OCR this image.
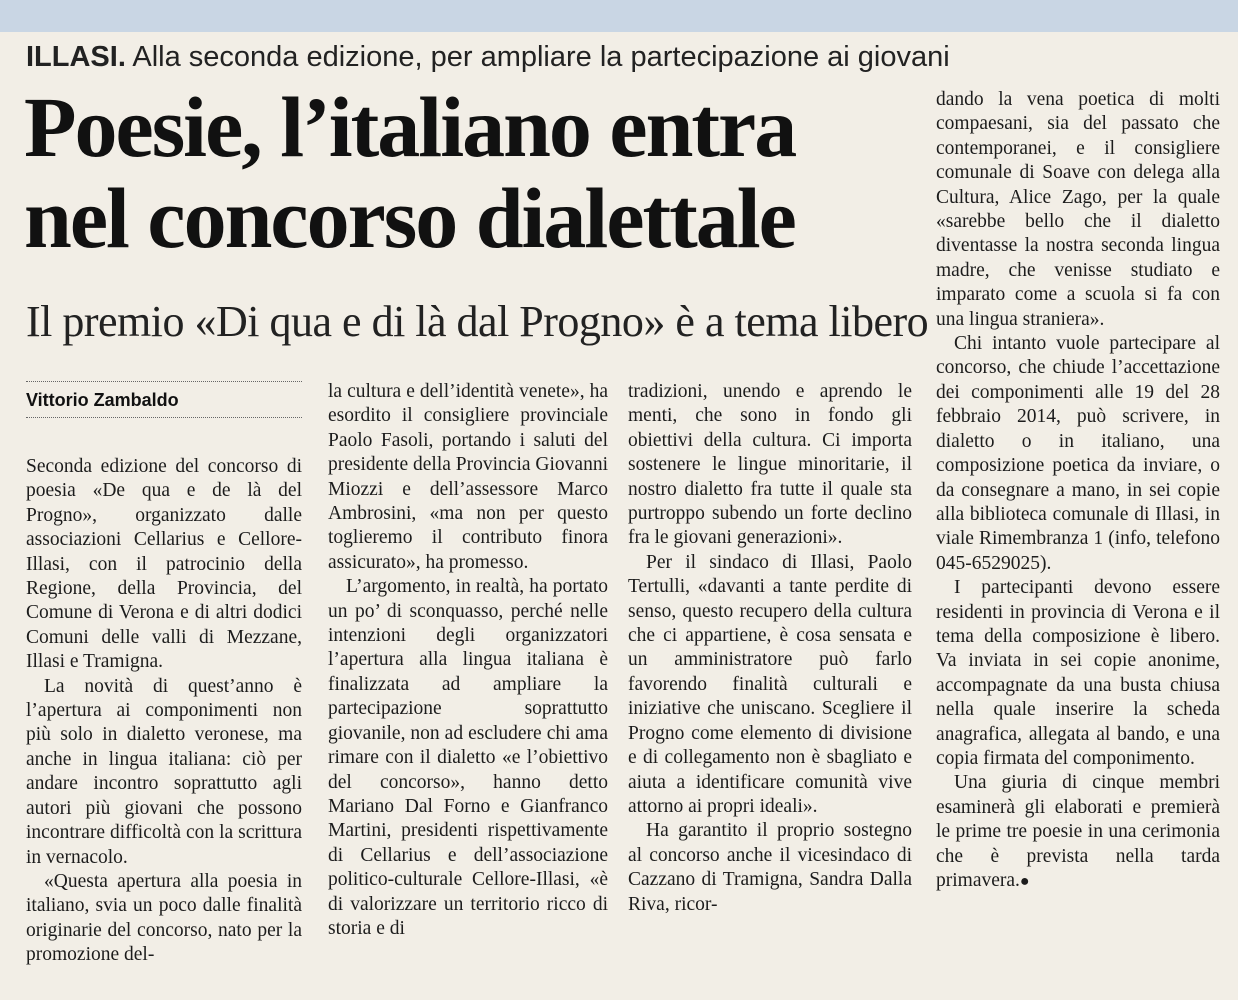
ILLASI. Alla seconda edizione, per ampliare la partecipazione ai giovani
Poesie, l’italiano entra
nel concorso dialettale
Il premio «Di qua e di là dal Progno» è a tema libero
Vittorio Zambaldo

Seconda edizione del concorso di poesia «De qua e de là del Progno», organizzato dalle associazioni Cellarius e Cellore-Illasi, con il patrocinio della Regione, della Provincia, del Comune di Verona e di altri dodici Comuni delle valli di Mezzane, Illasi e Tramigna.

La novità di quest’anno è l’apertura ai componimenti non più solo in dialetto veronese, ma anche in lingua italiana: ciò per andare incontro soprattutto agli autori più giovani che possono incontrare difficoltà con la scrittura in vernacolo.

«Questa apertura alla poesia in italiano, svia un poco dalle finalità originarie del concorso, nato per la promozione del-

la cultura e dell’identità venete», ha esordito il consigliere provinciale Paolo Fasoli, portando i saluti del presidente della Provincia Giovanni Miozzi e dell’assessore Marco Ambrosini, «ma non per questo toglieremo il contributo finora assicurato», ha promesso.

L’argomento, in realtà, ha portato un po’ di sconquasso, perché nelle intenzioni degli organizzatori l’apertura alla lingua italiana è finalizzata ad ampliare la partecipazione soprattutto giovanile, non ad escludere chi ama rimare con il dialetto «e l’obiettivo del concorso», hanno detto Mariano Dal Forno e Gianfranco Martini, presidenti rispettivamente di Cellarius e dell’associazione politico-culturale Cellore-Illasi, «è di valorizzare un territorio ricco di storia e di

tradizioni, unendo e aprendo le menti, che sono in fondo gli obiettivi della cultura. Ci importa sostenere le lingue minoritarie, il nostro dialetto fra tutte il quale sta purtroppo subendo un forte declino fra le giovani generazioni».

Per il sindaco di Illasi, Paolo Tertulli, «davanti a tante perdite di senso, questo recupero della cultura che ci appartiene, è cosa sensata e un amministratore può farlo favorendo finalità culturali e iniziative che uniscano. Scegliere il Progno come elemento di divisione e di collegamento non è sbagliato e aiuta a identificare comunità vive attorno ai propri ideali».

Ha garantito il proprio sostegno al concorso anche il vicesindaco di Cazzano di Tramigna, Sandra Dalla Riva, ricor-

dando la vena poetica di molti compaesani, sia del passato che contemporanei, e il consigliere comunale di Soave con delega alla Cultura, Alice Zago, per la quale «sarebbe bello che il dialetto diventasse la nostra seconda lingua madre, che venisse studiato e imparato come a scuola si fa con una lingua straniera».

Chi intanto vuole partecipare al concorso, che chiude l’accettazione dei componimenti alle 19 del 28 febbraio 2014, può scrivere, in dialetto o in italiano, una composizione poetica da inviare, o da consegnare a mano, in sei copie alla biblioteca comunale di Illasi, in viale Rimembranza 1 (info, telefono 045-6529025).

I partecipanti devono essere residenti in provincia di Verona e il tema della composizione è libero. Va inviata in sei copie anonime, accompagnate da una busta chiusa nella quale inserire la scheda anagrafica, allegata al bando, e una copia firmata del componimento.

Una giuria di cinque membri esaminerà gli elaborati e premierà le prime tre poesie in una cerimonia che è prevista nella tarda primavera.●
